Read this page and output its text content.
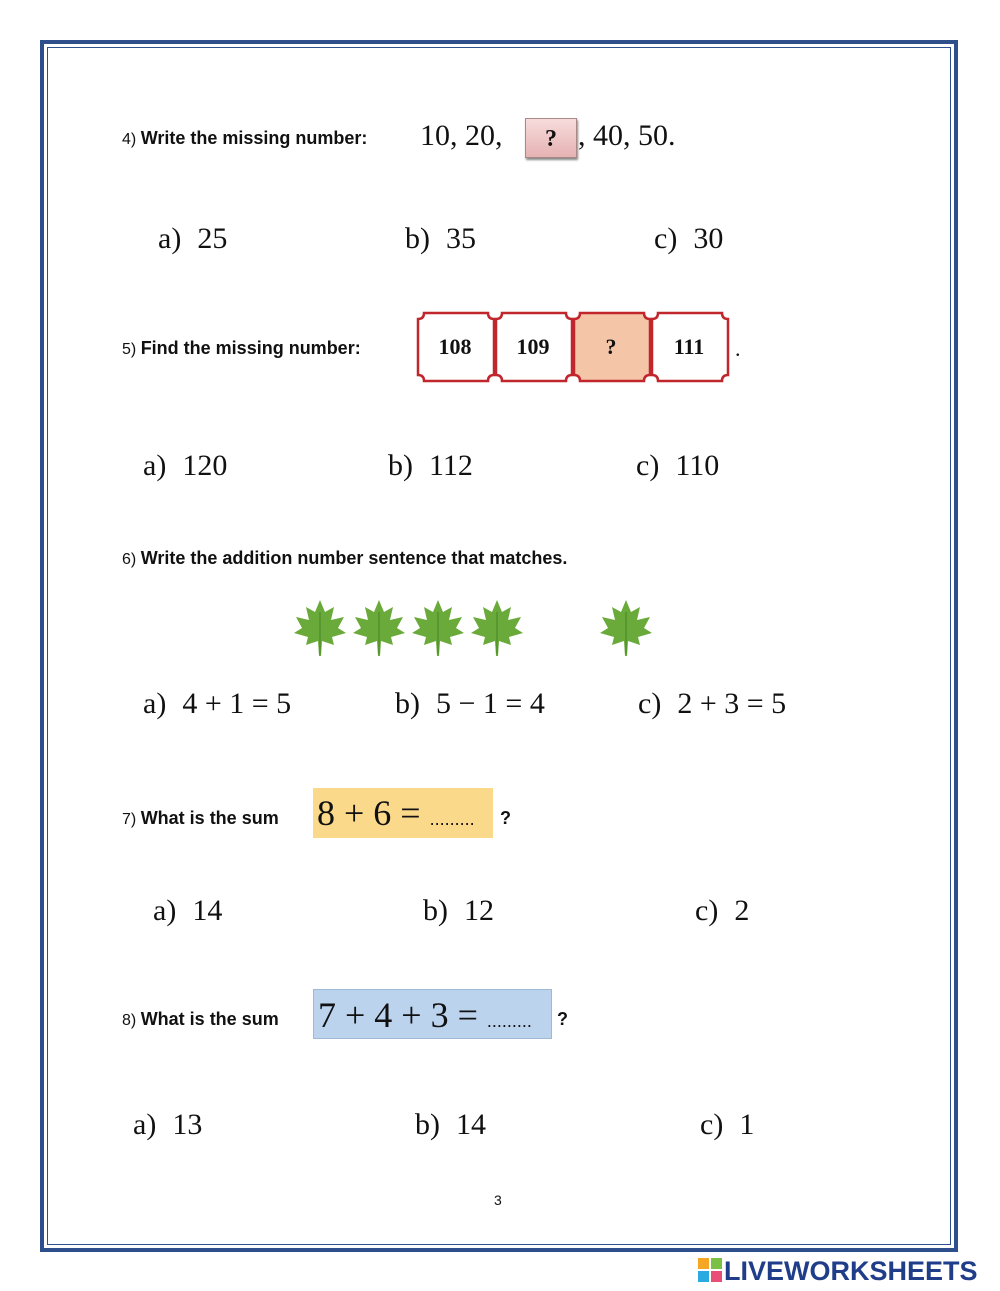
4) Write the missing number: 10, 20,	? , 40, 50.
a) 25	b) 35	c) 30
5) Find the missing number:	108	109	?	111	.
a) 120	b) 112	c) 110
6) Write the addition number sentence that matches.
a) 4 + 1 = 5	b) 5 − 1 = 4	c) 2 + 3 = 5
7) What is the sum 8 + 6 = ......... ?
a) 14	b) 12	c) 2
8) What is the sum 7 + 4 + 3 = ......... ?
a) 13	b) 14	c) 1
3
LIVEWORKSHEETS
